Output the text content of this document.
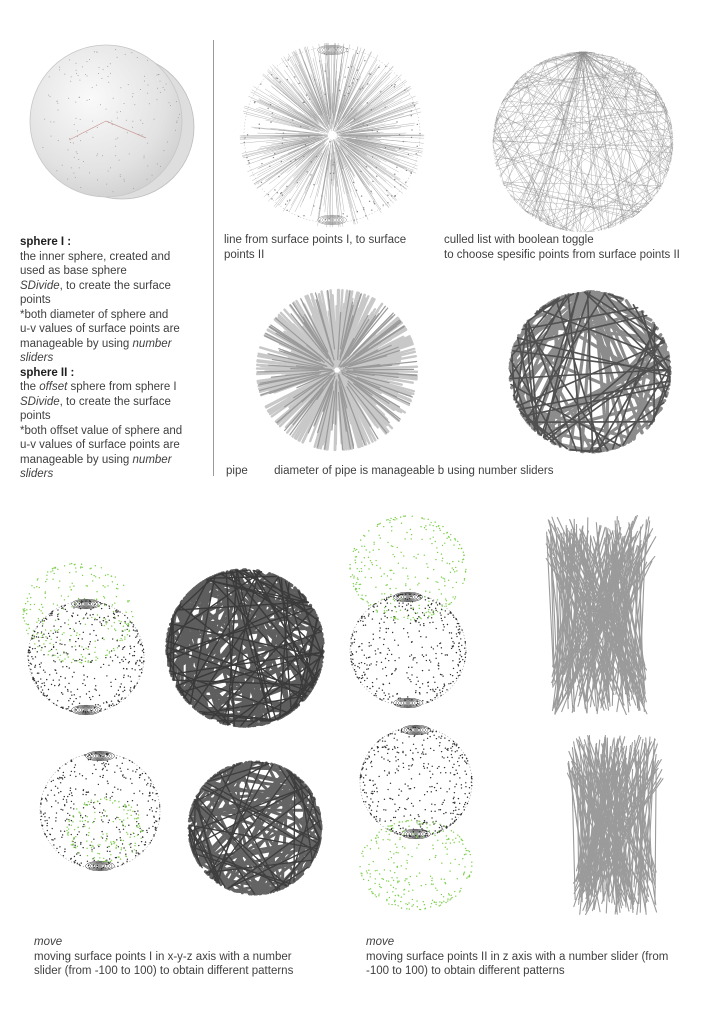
sphere I :
the inner sphere, created and
used as base sphere
SDivide, to create the surface
points
*both diameter of sphere and
u-v values of surface points are
manageable by using number
sliders
sphere II :
the offset sphere from sphere I
SDivide, to create the surface
points
*both offset value of sphere and
u-v values of surface points are
manageable by using number
sliders
line from surface points I, to surface
points II
culled list with boolean toggle
to choose spesific points from surface points II
pipe diameter of pipe is manageable b using number sliders
move
moving surface points I in x-y-z axis with a number
slider (from -100 to 100) to obtain different patterns
move
moving surface points II in z axis with a number slider (from
-100 to 100) to obtain different patterns
